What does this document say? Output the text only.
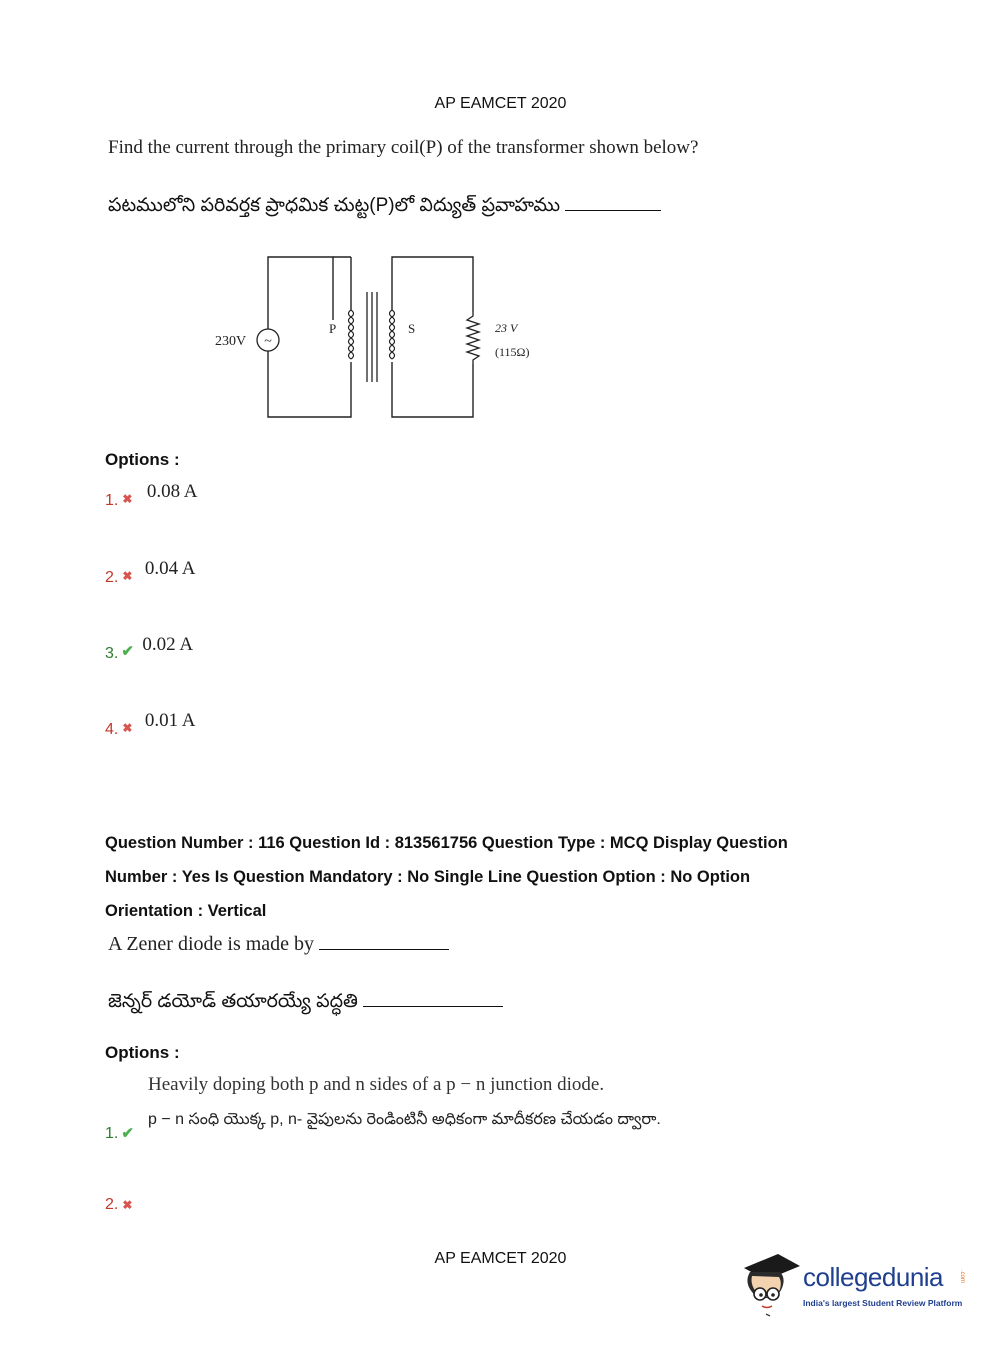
AP EAMCET 2020
Find the current through the primary coil(P) of the transformer shown below?
పటములోని పరివర్తక ప్రాధమిక చుట్ట(P)లో విద్యుత్ ప్రవాహము
~
230V
P	S	23 V
(115Ω)
Options :
1. $_✖$ 0.08 A
2. $_✖$ 0.04 A
3. ✔ 0.02 A
4. $_✖$ 0.01 A
Question Number : 116 Question Id : 813561756 Question Type : MCQ Display Question
Number : Yes Is Question Mandatory : No Single Line Question Option : No Option
Orientation : Vertical
A Zener diode is made by
జెన్నర్ డయోడ్ తయారయ్యే పద్ధతి
Options :
Heavily doping both p and n sides of a p − n junction diode.
p − n సంధి యొక్క p, n- వైపులను రెండింటినీ అధికంగా మాదీకరణ చేయడం ద్వారా.
1. ✔
2. ✖
AP EAMCET 2020
collegedunia	.com
India's largest Student Review Platform
